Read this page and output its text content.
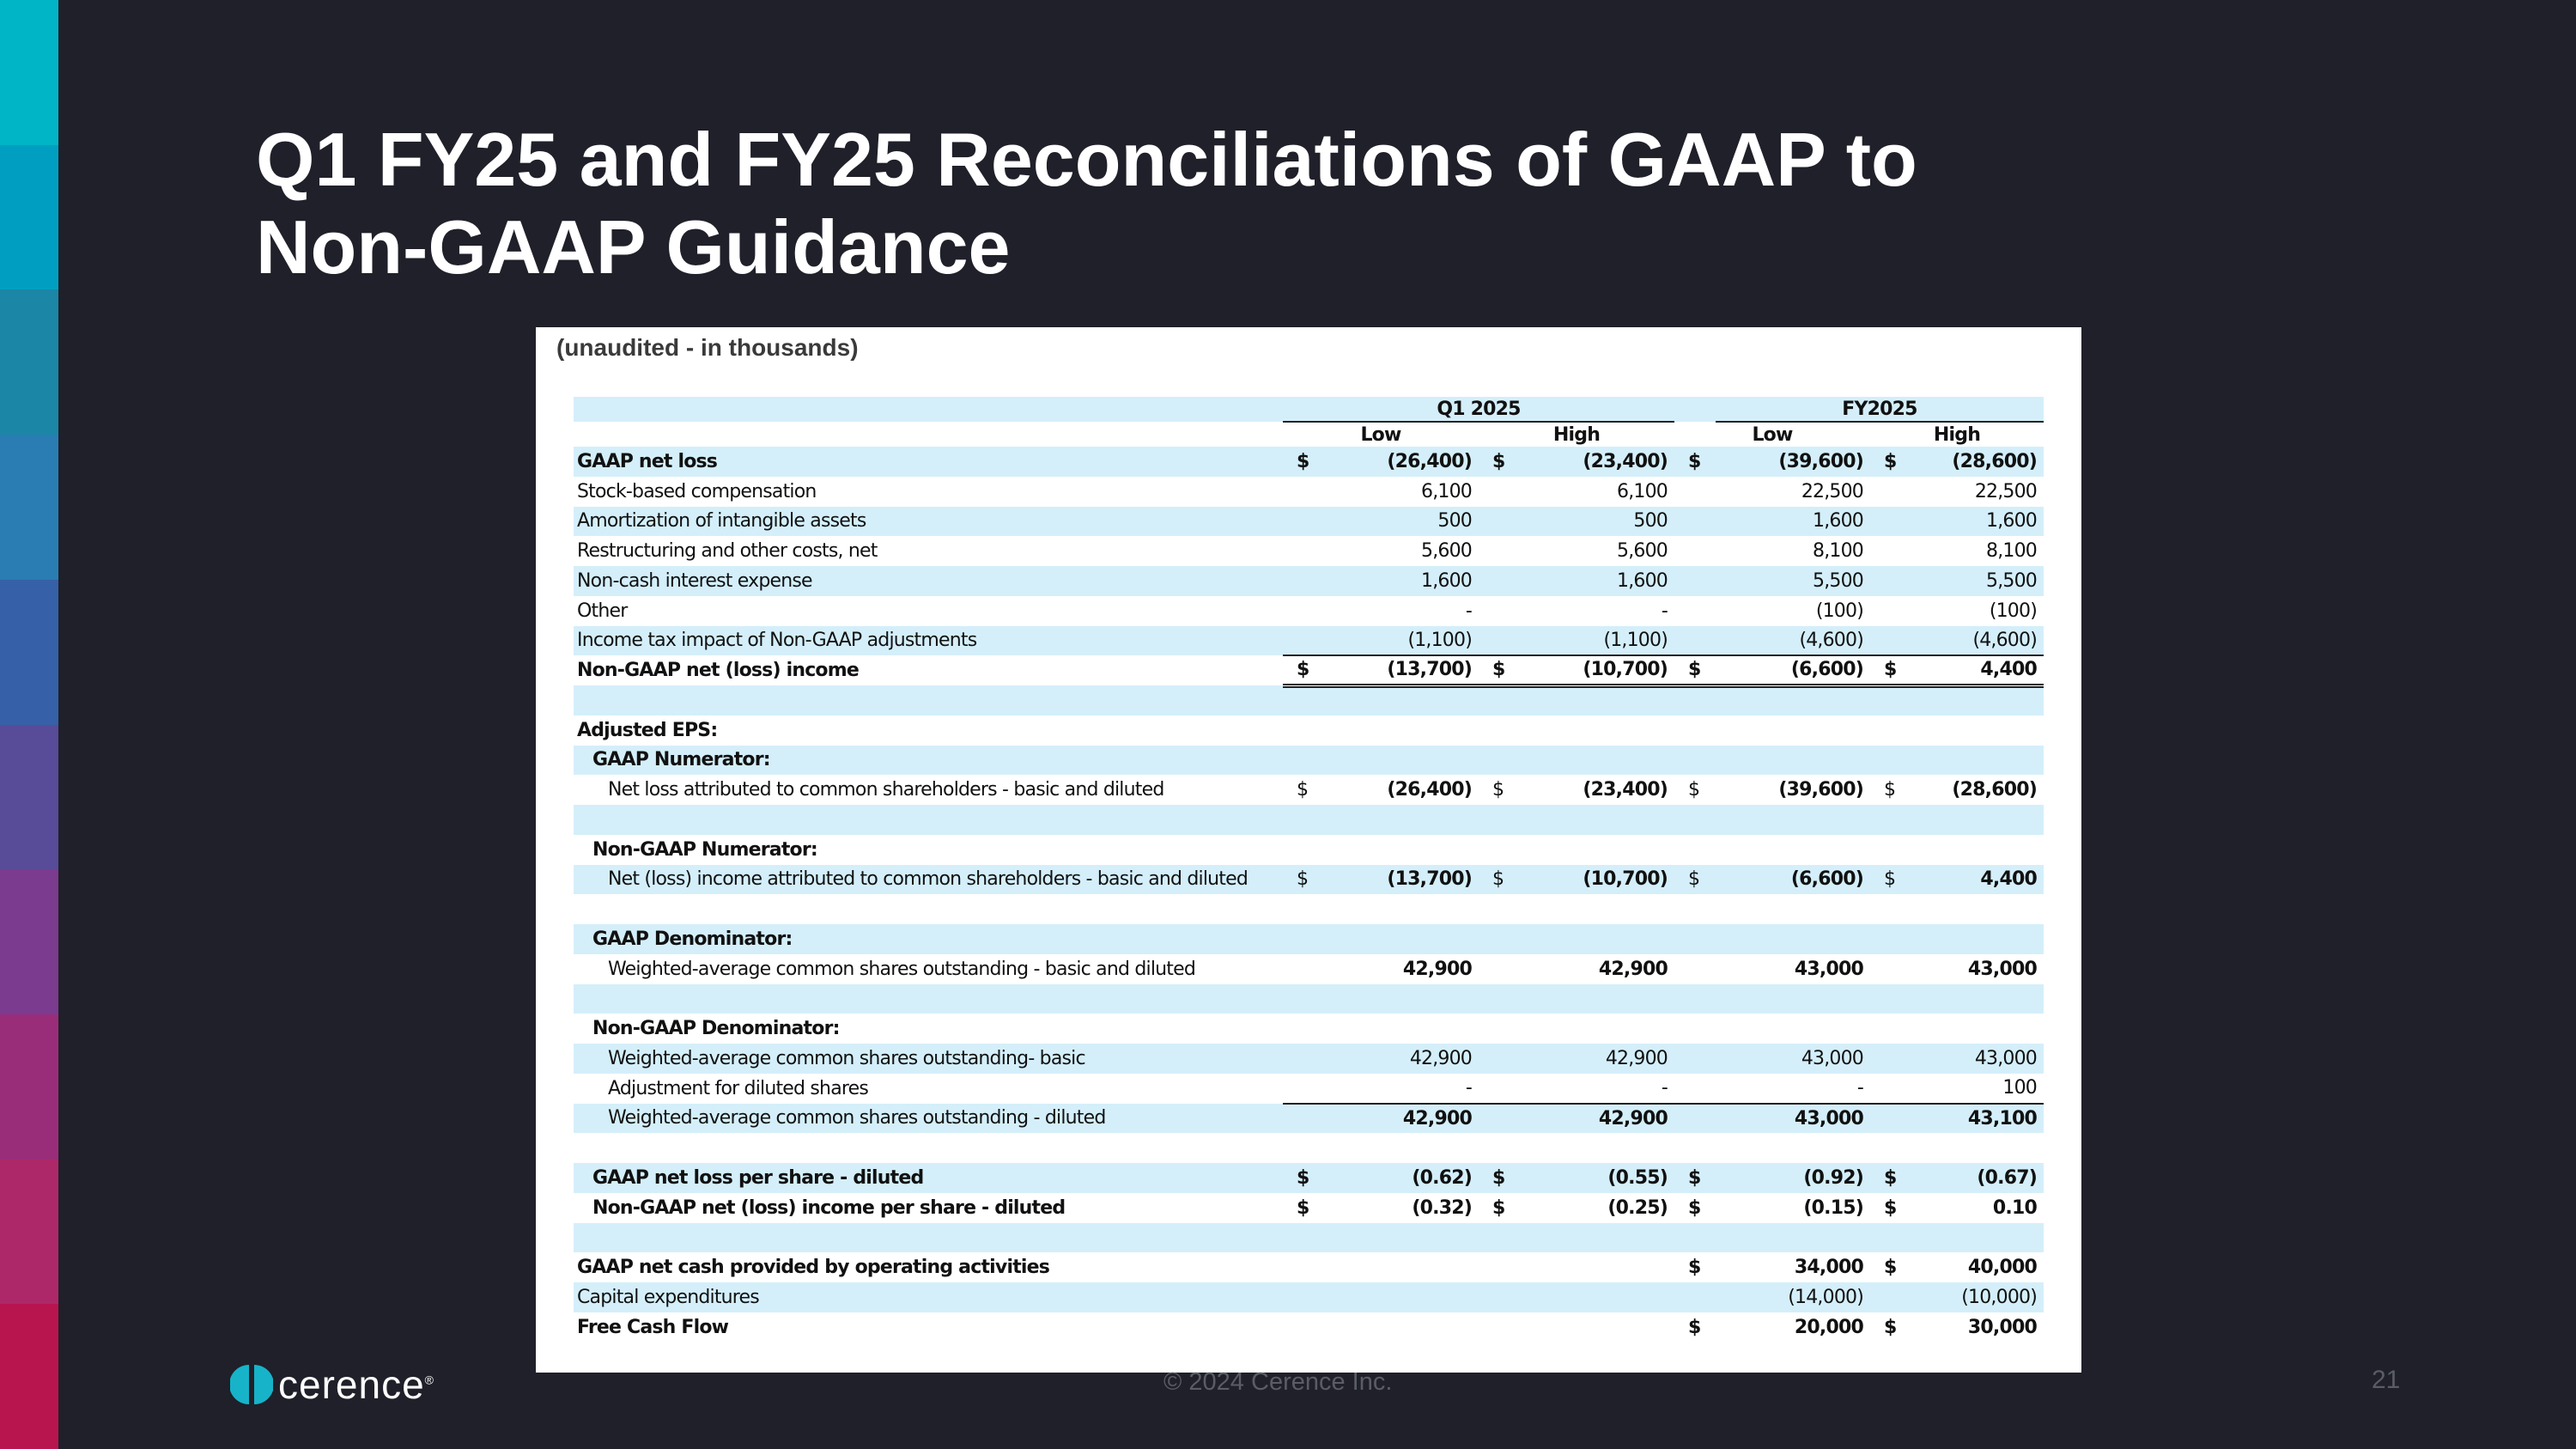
Q1 FY25 and FY25 Reconciliations of GAAP to
Non-GAAP Guidance
(unaudited - in thousands)
	Q1 2025					FY2025		
	Low		High		Low		High	
GAAP net loss	$	(26,400)	$	(23,400)	$	(39,600)	$	(28,600)
Stock-based compensation		6,100		6,100		22,500		22,500
Amortization of intangible assets		500		500		1,600		1,600
Restructuring and other costs, net		5,600		5,600		8,100		8,100
Non-cash interest expense		1,600		1,600		5,500		5,500
Other		-		-		(100)		(100)
Income tax impact of Non-GAAP adjustments		(1,100)		(1,100)		(4,600)		(4,600)
Non-GAAP net (loss) income	$	(13,700)	$	(10,700)	$	(6,600)	$	4,400

Adjusted EPS:								
GAAP Numerator:								
Net loss attributed to common shareholders - basic and diluted	$	(26,400)	$	(23,400)	$	(39,600)	$	(28,600)

Non-GAAP Numerator:								
Net (loss) income attributed to common shareholders - basic and diluted	$	(13,700)	$	(10,700)	$	(6,600)	$	4,400

GAAP Denominator:								
Weighted-average common shares outstanding - basic and diluted		42,900		42,900		43,000		43,000

Non-GAAP Denominator:								
Weighted-average common shares outstanding- basic		42,900		42,900		43,000		43,000
Adjustment for diluted shares		-		-		-		100
Weighted-average common shares outstanding - diluted		42,900		42,900		43,000		43,100

GAAP net loss per share - diluted	$	(0.62)	$	(0.55)	$	(0.92)	$	(0.67)
Non-GAAP net (loss) income per share - diluted	$	(0.32)	$	(0.25)	$	(0.15)	$	0.10

GAAP net cash provided by operating activities					$	34,000	$	40,000
Capital expenditures						(14,000)		(10,000)
Free Cash Flow					$	20,000	$	30,000
cerence®	© 2024 Cerence Inc.	21
